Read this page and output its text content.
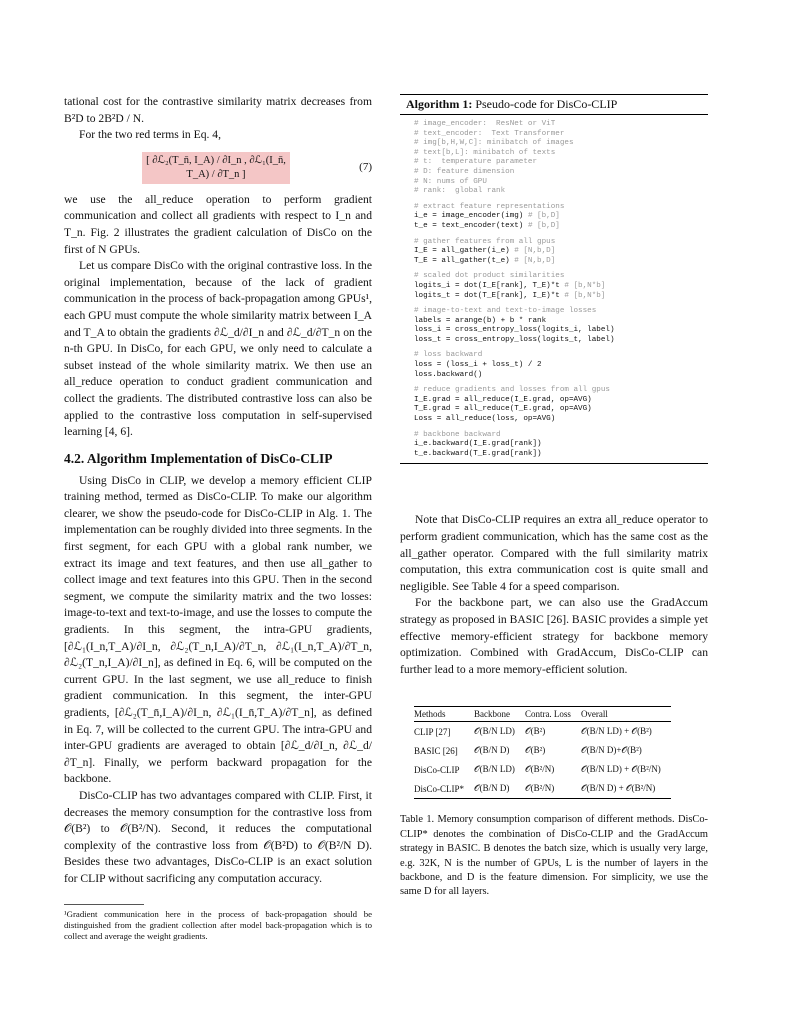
tational cost for the contrastive similarity matrix decreases from B²D to 2B²D / N.

For the two red terms in Eq. 4,

[ ∂ℒ₂(T_n̄, I_A) / ∂I_n , ∂ℒ₁(I_n̄, T_A) / ∂T_n ]
(7)

we use the all_reduce operation to perform gradient communication and collect all gradients with respect to I_n and T_n. Fig. 2 illustrates the gradient calculation of DisCo on the first of N GPUs.

Let us compare DisCo with the original contrastive loss. In the original implementation, because of the lack of gradient communication in the process of back-propagation among GPUs¹, each GPU must compute the whole similarity matrix between I_A and T_A to obtain the gradients ∂ℒ_d/∂I_n and ∂ℒ_d/∂T_n on the n-th GPU. In DisCo, for each GPU, we only need to calculate a subset instead of the whole similarity matrix. We then use an all_reduce operation to conduct gradient communication and collect the gradients. The distributed contrastive loss can also be applied to the contrastive loss computation in self-supervised learning [4, 6].

4.2. Algorithm Implementation of DisCo-CLIP

Using DisCo in CLIP, we develop a memory efficient CLIP training method, termed as DisCo-CLIP. To make our algorithm clearer, we show the pseudo-code for DisCo-CLIP in Alg. 1. The implementation can be roughly divided into three segments. In the first segment, for each GPU with a global rank number, we extract its image and text features, and then use all_gather to collect image and text features into this GPU. Then in the second segment, we compute the similarity matrix and the two losses: image-to-text and text-to-image, and use the losses to compute the gradients. In this segment, the intra-GPU gradients, [∂ℒ₁(I_n,T_A)/∂I_n, ∂ℒ₂(T_n,I_A)/∂T_n, ∂ℒ₁(I_n,T_A)/∂T_n, ∂ℒ₂(T_n,I_A)/∂I_n], as defined in Eq. 6, will be computed on the current GPU. In the last segment, we use all_reduce to finish gradient communication. In this segment, the inter-GPU gradients, [∂ℒ₂(T_n̄,I_A)/∂I_n, ∂ℒ₁(I_n̄,T_A)/∂T_n], as defined in Eq. 7, will be collected to the current GPU. The intra-GPU and inter-GPU gradients are averaged to obtain [∂ℒ_d/∂I_n, ∂ℒ_d/∂T_n]. Finally, we perform backward propagation for the backbone.

DisCo-CLIP has two advantages compared with CLIP. First, it decreases the memory consumption for the contrastive loss from 𝒪(B²) to 𝒪(B²/N). Second, it reduces the computational complexity of the contrastive loss from 𝒪(B²D) to 𝒪(B²/N D). Besides these two advantages, DisCo-CLIP is an exact solution for CLIP without sacrificing any computation accuracy.

¹Gradient communication here in the process of back-propagation should be distinguished from the gradient collection after model back-propagation which is to collect and average the weight gradients.

Algorithm 1: Pseudo-code for DisCo-CLIP
# image_encoder:  ResNet or ViT
# text_encoder:  Text Transformer
# img[b,H,W,C]: minibatch of images
# text[b,L]: minibatch of texts
# t:  temperature parameter
# D: feature dimension
# N: nums of GPU
# rank:  global rank
# extract feature representations
i_e = image_encoder(img) # [b,D]
t_e = text_encoder(text) # [b,D]
# gather features from all gpus
I_E = all_gather(i_e) # [N,b,D]
T_E = all_gather(t_e) # [N,b,D]
# scaled dot product similarities
logits_i = dot(I_E[rank], T_E)*t # [b,N*b]
logits_t = dot(T_E[rank], I_E)*t # [b,N*b]
# image-to-text and text-to-image losses
labels = arange(b) + b * rank
loss_i = cross_entropy_loss(logits_i, label)
loss_t = cross_entropy_loss(logits_t, label)
# loss backward
loss = (loss_i + loss_t) / 2
loss.backward()
# reduce gradients and losses from all gpus
I_E.grad = all_reduce(I_E.grad, op=AVG)
T_E.grad = all_reduce(T_E.grad, op=AVG)
Loss = all_reduce(loss, op=AVG)
# backbone backward
i_e.backward(I_E.grad[rank])
t_e.backward(T_E.grad[rank])

Note that DisCo-CLIP requires an extra all_reduce operator to perform gradient communication, which has the same cost as the all_gather operator. Compared with the full similarity matrix computation, this extra communication cost is quite small and negligible. See Table 4 for a speed comparison.

For the backbone part, we can also use the GradAccum strategy as proposed in BASIC [26]. BASIC provides a simple yet effective memory-efficient strategy for backbone memory optimization. Combined with GradAccum, DisCo-CLIP can further lead to a more memory-efficient solution.

Methods	Backbone	Contra. Loss	Overall
CLIP [27]	𝒪(B/N LD)	𝒪(B²)	𝒪(B/N LD) + 𝒪(B²)
BASIC [26]	𝒪(B/N D)	𝒪(B²)	𝒪(B/N D)+𝒪(B²)
DisCo-CLIP	𝒪(B/N LD)	𝒪(B²/N)	𝒪(B/N LD) + 𝒪(B²/N)
DisCo-CLIP*	𝒪(B/N D)	𝒪(B²/N)	𝒪(B/N D) + 𝒪(B²/N)
Table 1. Memory consumption comparison of different methods. DisCo-CLIP* denotes the combination of DisCo-CLIP and the GradAccum strategy in BASIC. B denotes the batch size, which is usually very large, e.g. 32K, N is the number of GPUs, L is the number of layers in the backbone, and D is the feature dimension. For simplicity, we use the same D for all layers.
